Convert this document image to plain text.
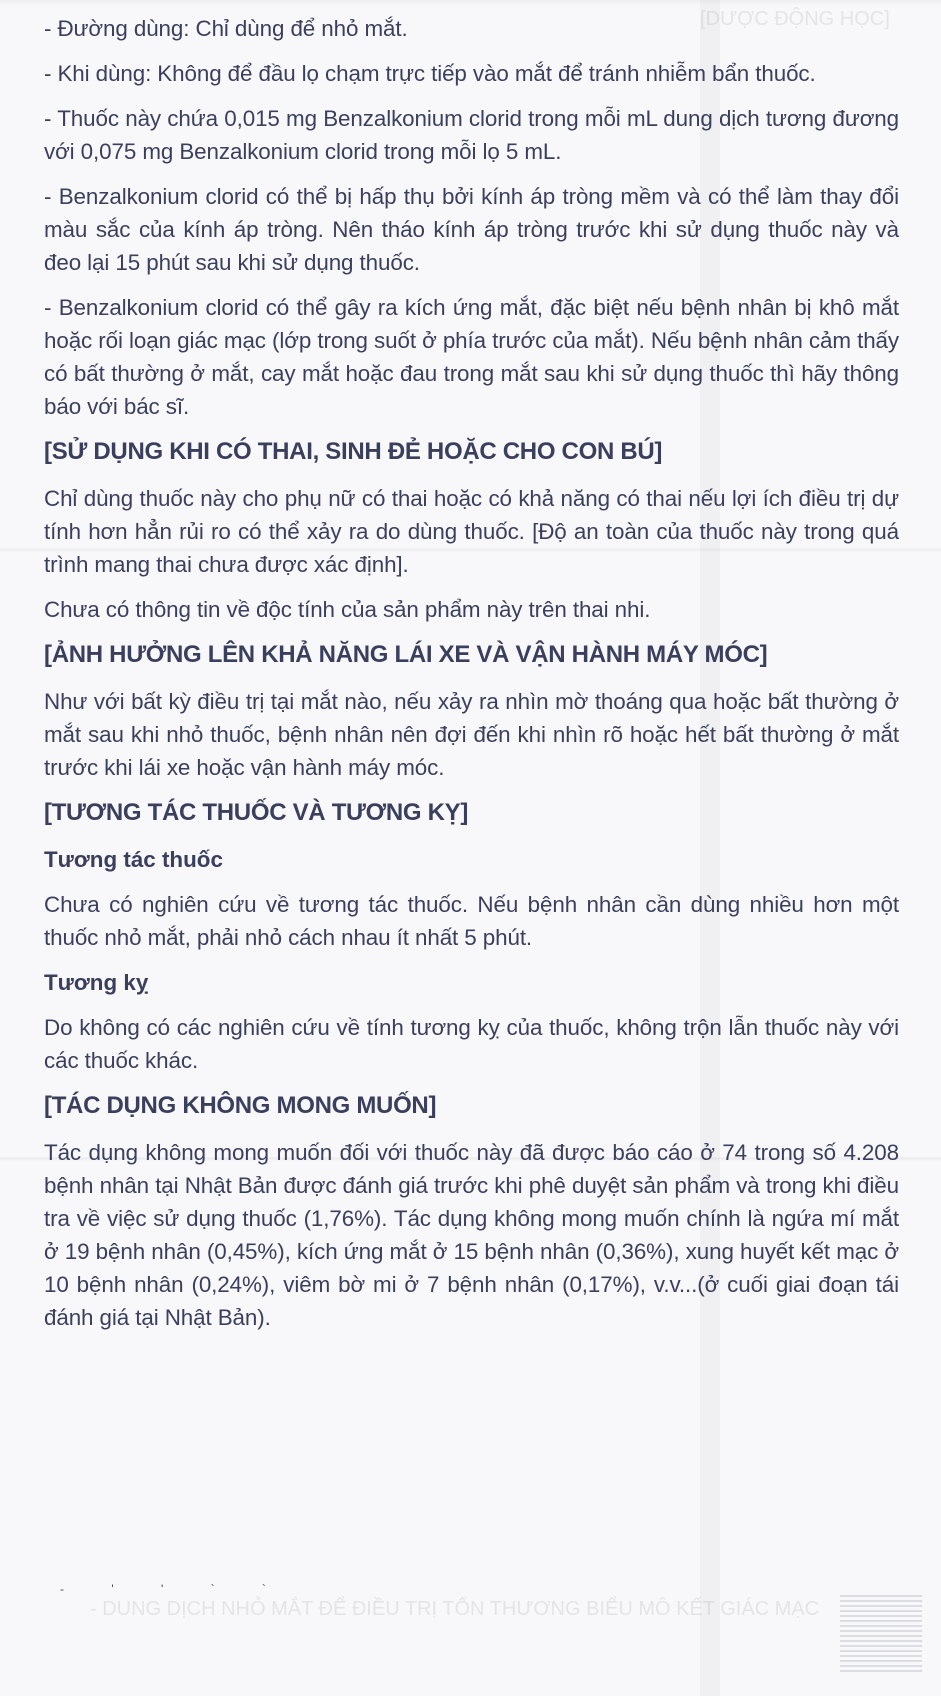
[DƯỢC ĐỘNG HỌC]
- DUNG DỊCH NHỎ MẮT ĐỂ ĐIỀU TRỊ TỔN THƯƠNG BIỂU MÔ KẾT GIÁC MẠC

- Đường dùng: Chỉ dùng để nhỏ mắt.

- Khi dùng: Không để đầu lọ chạm trực tiếp vào mắt để tránh nhiễm bẩn thuốc.

- Thuốc này chứa 0,015 mg Benzalkonium clorid trong mỗi mL dung dịch tương đương với 0,075 mg Benzalkonium clorid trong mỗi lọ 5 mL.

- Benzalkonium clorid có thể bị hấp thụ bởi kính áp tròng mềm và có thể làm thay đổi màu sắc của kính áp tròng. Nên tháo kính áp tròng trước khi sử dụng thuốc này và đeo lại 15 phút sau khi sử dụng thuốc.

- Benzalkonium clorid có thể gây ra kích ứng mắt, đặc biệt nếu bệnh nhân bị khô mắt hoặc rối loạn giác mạc (lớp trong suốt ở phía trước của mắt). Nếu bệnh nhân cảm thấy có bất thường ở mắt, cay mắt hoặc đau trong mắt sau khi sử dụng thuốc thì hãy thông báo với bác sĩ.

[SỬ DỤNG KHI CÓ THAI, SINH ĐẺ HOẶC CHO CON BÚ]

Chỉ dùng thuốc này cho phụ nữ có thai hoặc có khả năng có thai nếu lợi ích điều trị dự tính hơn hẳn rủi ro có thể xảy ra do dùng thuốc. [Độ an toàn của thuốc này trong quá trình mang thai chưa được xác định].

Chưa có thông tin về độc tính của sản phẩm này trên thai nhi.

[ẢNH HƯỞNG LÊN KHẢ NĂNG LÁI XE VÀ VẬN HÀNH MÁY MÓC]

Như với bất kỳ điều trị tại mắt nào, nếu xảy ra nhìn mờ thoáng qua hoặc bất thường ở mắt sau khi nhỏ thuốc, bệnh nhân nên đợi đến khi nhìn rõ hoặc hết bất thường ở mắt trước khi lái xe hoặc vận hành máy móc.

[TƯƠNG TÁC THUỐC VÀ TƯƠNG KỴ]
Tương tác thuốc

Chưa có nghiên cứu về tương tác thuốc. Nếu bệnh nhân cần dùng nhiều hơn một thuốc nhỏ mắt, phải nhỏ cách nhau ít nhất 5 phút.

Tương kỵ

Do không có các nghiên cứu về tính tương kỵ của thuốc, không trộn lẫn thuốc này với các thuốc khác.

[TÁC DỤNG KHÔNG MONG MUỐN]

Tác dụng không mong muốn đối với thuốc này đã được báo cáo ở 74 trong số 4.208 bệnh nhân tại Nhật Bản được đánh giá trước khi phê duyệt sản phẩm và trong khi điều tra về việc sử dụng thuốc (1,76%). Tác dụng không mong muốn chính là ngứa mí mắt ở 19 bệnh nhân (0,45%), kích ứng mắt ở 15 bệnh nhân (0,36%), xung huyết kết mạc ở 10 bệnh nhân (0,24%), viêm bờ mi ở 7 bệnh nhân (0,17%), v.v...(ở cuối giai đoạn tái đánh giá tại Nhật Bản).

- ' ' ` `
